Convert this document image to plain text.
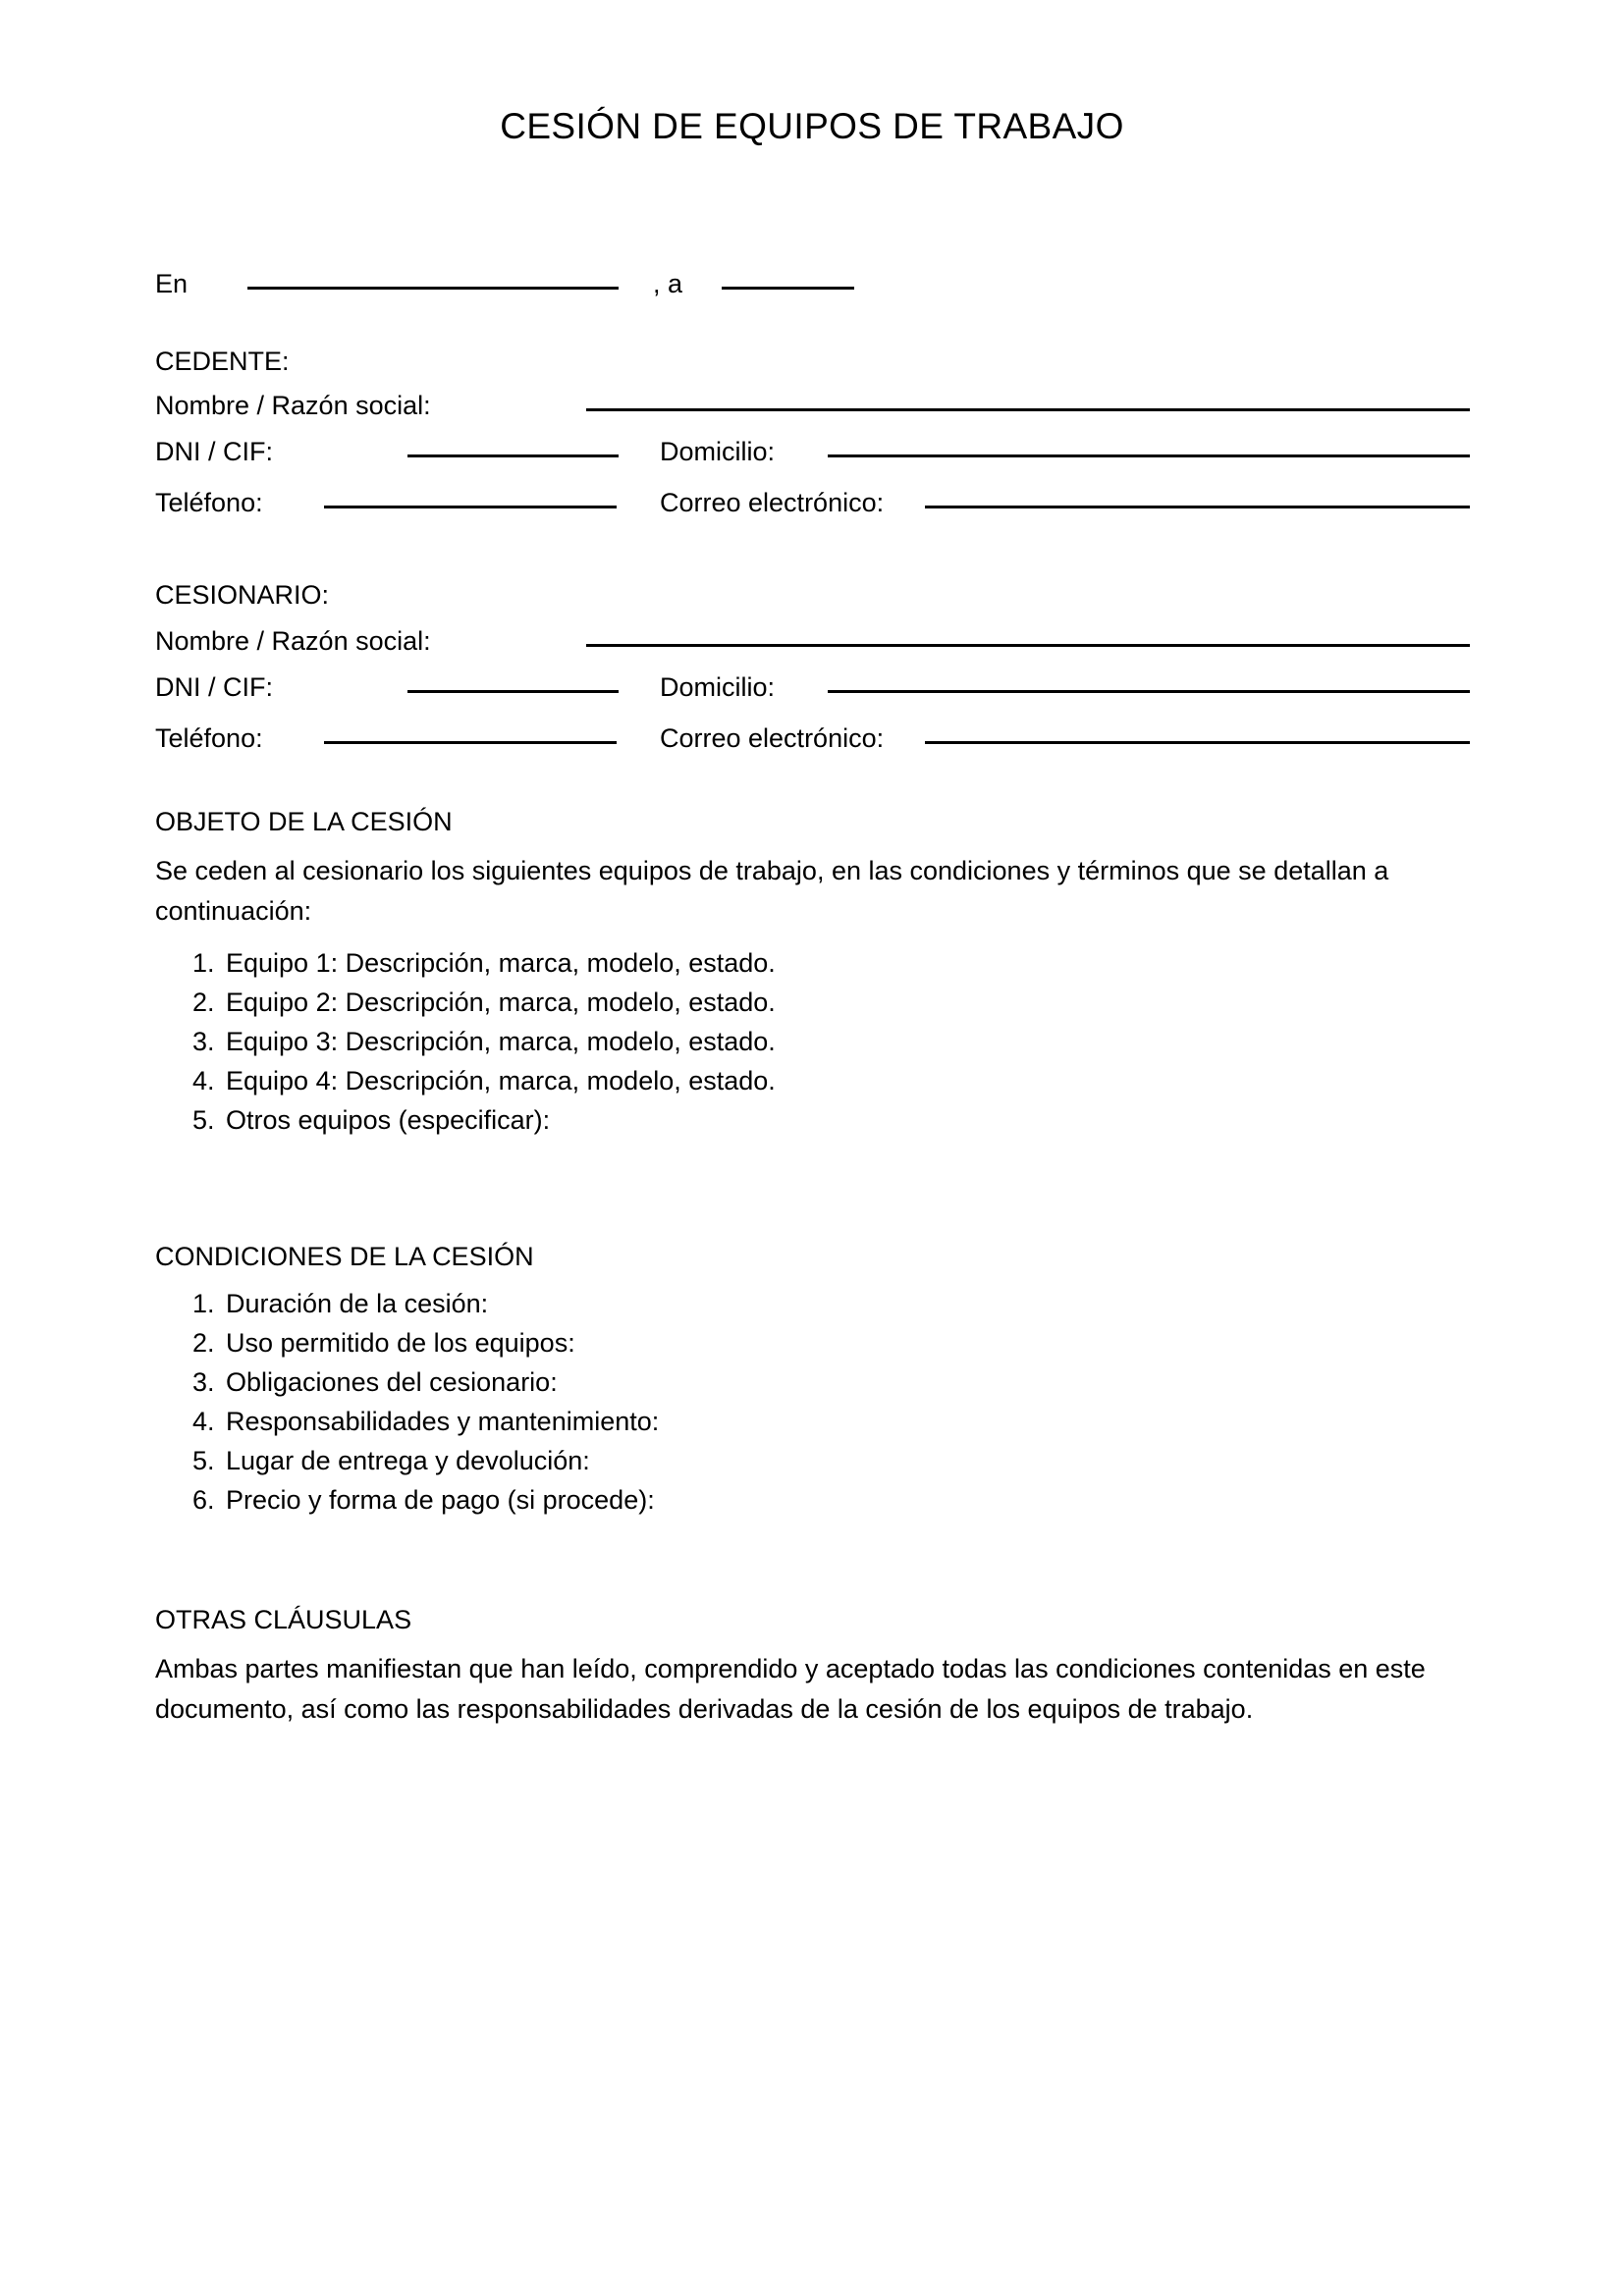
CESIÓN DE EQUIPOS DE TRABAJO
En	, a
CEDENTE:
Nombre / Razón social:
DNI / CIF:	Domicilio:
Teléfono:	Correo electrónico:
CESIONARIO:
Nombre / Razón social:
DNI / CIF:	Domicilio:
Teléfono:	Correo electrónico:
OBJETO DE LA CESIÓN
Se ceden al cesionario los siguientes equipos de trabajo, en las condiciones y términos que se detallan a continuación:
1. Equipo 1: Descripción, marca, modelo, estado.
2. Equipo 2: Descripción, marca, modelo, estado.
3. Equipo 3: Descripción, marca, modelo, estado.
4. Equipo 4: Descripción, marca, modelo, estado.
5. Otros equipos (especificar):
CONDICIONES DE LA CESIÓN
1. Duración de la cesión:
2. Uso permitido de los equipos:
3. Obligaciones del cesionario:
4. Responsabilidades y mantenimiento:
5. Lugar de entrega y devolución:
6. Precio y forma de pago (si procede):
OTRAS CLÁUSULAS
Ambas partes manifiestan que han leído, comprendido y aceptado todas las condiciones contenidas en este documento, así como las responsabilidades derivadas de la cesión de los equipos de trabajo.
